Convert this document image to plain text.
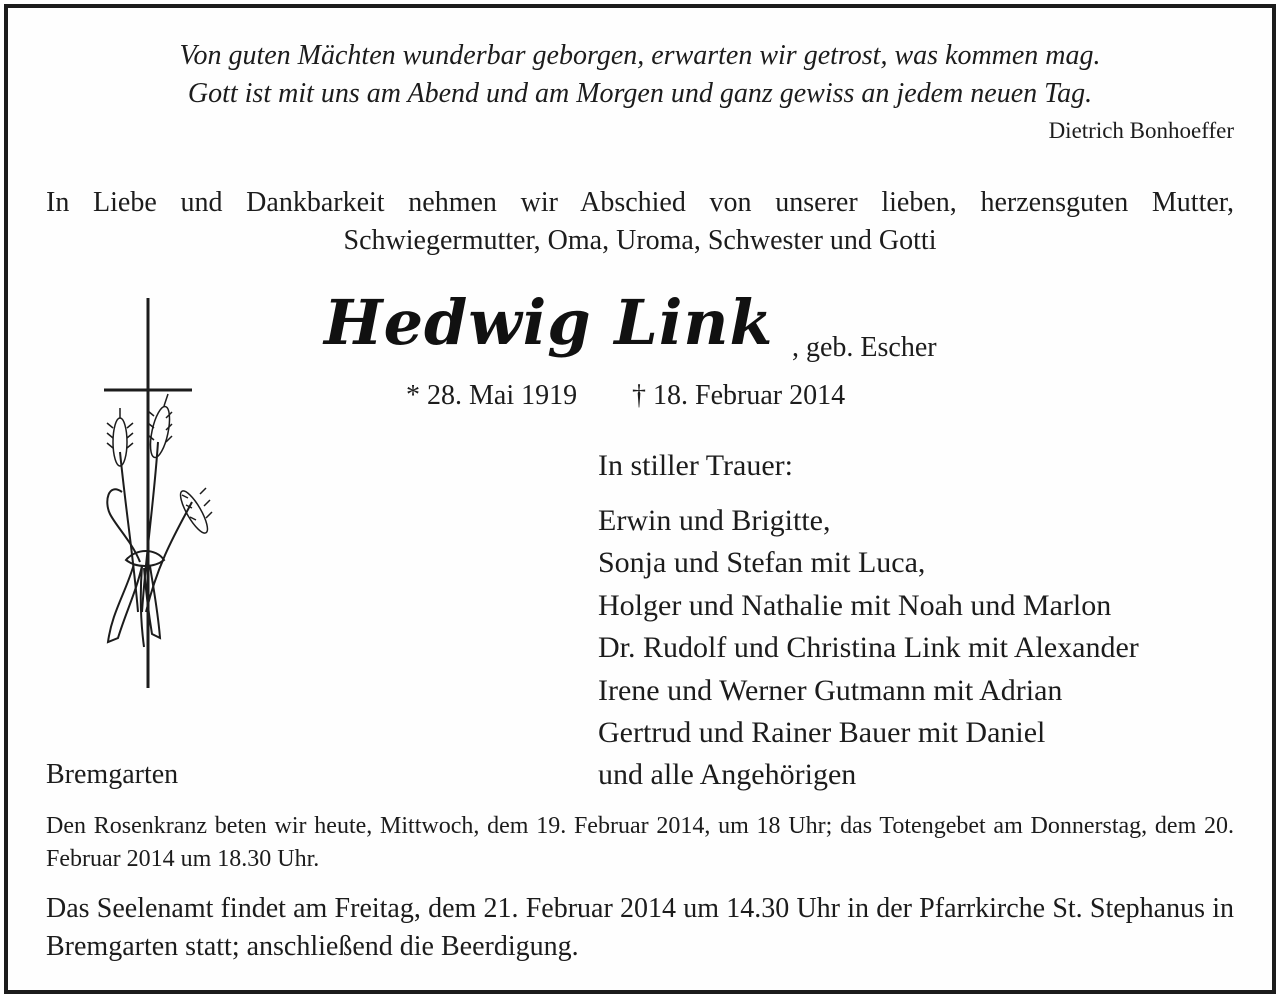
Von guten Mächten wunderbar geborgen, erwarten wir getrost, was kommen mag.
Gott ist mit uns am Abend und am Morgen und ganz gewiss an jedem neuen Tag.
Dietrich Bonhoeffer
In Liebe und Dankbarkeit nehmen wir Abschied von unserer lieben, herzensguten Mutter, Schwiegermutter, Oma, Uroma, Schwester und Gotti
Hedwig Link , geb. Escher
* 28. Mai 1919 † 18. Februar 2014
In stiller Trauer:
Erwin und Brigitte,
Sonja und Stefan mit Luca,
Holger und Nathalie mit Noah und Marlon
Dr. Rudolf und Christina Link mit Alexander
Irene und Werner Gutmann mit Adrian
Gertrud und Rainer Bauer mit Daniel
und alle Angehörigen
Bremgarten
Den Rosenkranz beten wir heute, Mittwoch, dem 19. Februar 2014, um 18 Uhr; das Totengebet am Donnerstag, dem 20. Februar 2014 um 18.30 Uhr.
Das Seelenamt findet am Freitag, dem 21. Februar 2014 um 14.30 Uhr in der Pfarrkirche St. Stephanus in Bremgarten statt; anschließend die Beerdigung.
